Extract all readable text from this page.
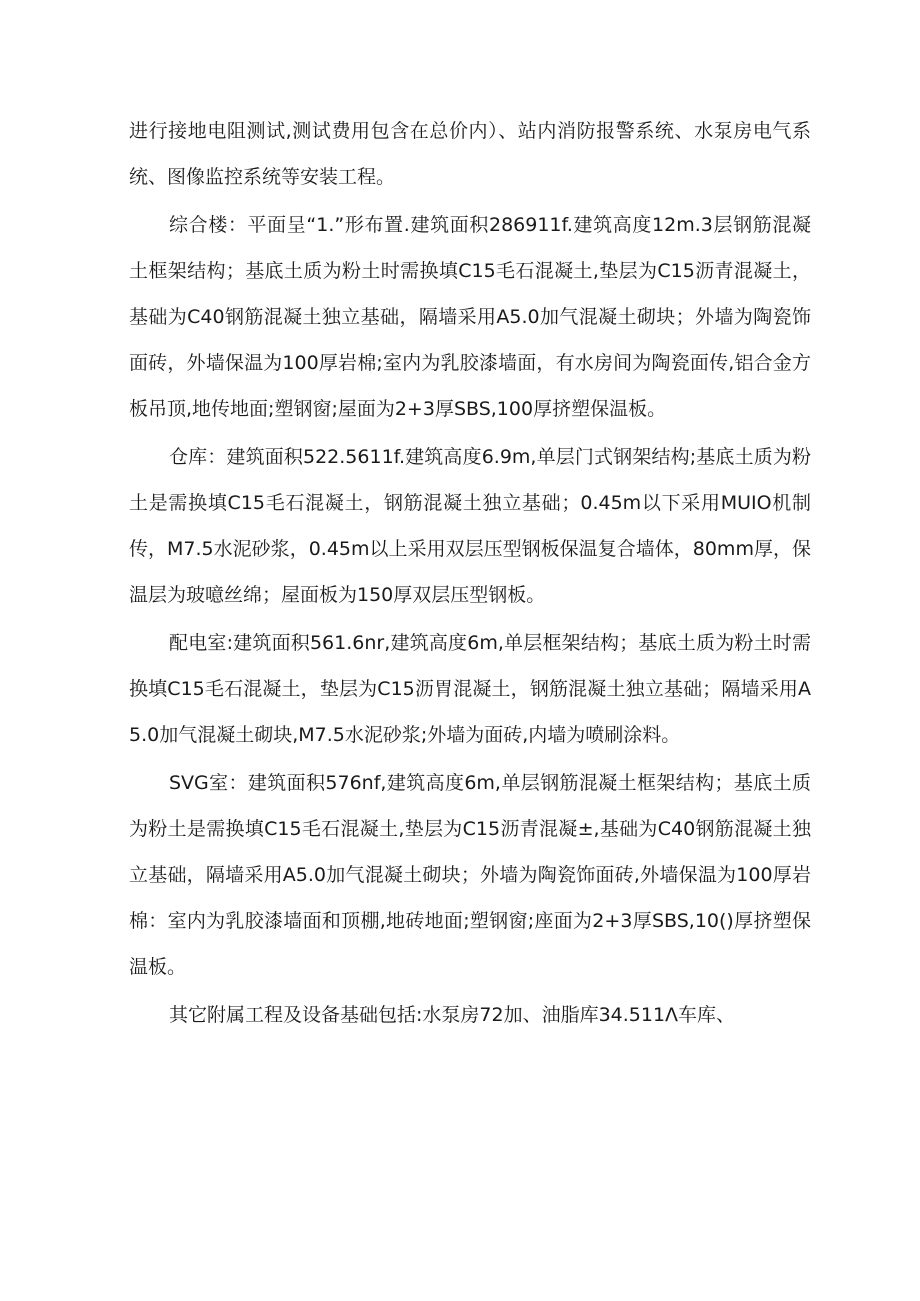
进行接地电阻测试,测试费用包含在总价内）、站内消防报警系统、水泵房电气系统、图像监控系统等安装工程。

综合楼：平面呈“1.”形布置.建筑面积286911f.建筑高度12m.3层钢筋混凝土框架结构；基底土质为粉土时需换填C15毛石混凝土,垫层为C15沥青混凝土，基础为C40钢筋混凝土独立基础，隔墙采用A5.0加气混凝土砌块；外墙为陶瓷饰面砖，外墙保温为100厚岩棉;室内为乳胶漆墙面，有水房间为陶瓷面传,铝合金方板吊顶,地传地面;塑钢窗;屋面为2+3厚SBS,100厚挤塑保温板。

仓库：建筑面积522.5611f.建筑高度6.9m,单层门式钢架结构;基底土质为粉土是需换填C15毛石混凝土，钢筋混凝土独立基础；0.45m以下采用MUIO机制传，M7.5水泥砂浆，0.45m以上采用双层压型钢板保温复合墙体，80mm厚，保温层为玻噫丝绵；屋面板为150厚双层压型钢板。

配电室:建筑面积561.6nr,建筑高度6m,单层框架结构；基底土质为粉土时需换填C15毛石混凝土，垫层为C15沥胃混凝土，钢筋混凝土独立基础；隔墙采用A5.0加气混凝土砌块,M7.5水泥砂浆;外墙为面砖,内墙为喷刷涂料。

SVG室：建筑面积576nf,建筑高度6m,单层钢筋混凝土框架结构；基底土质为粉土是需换填C15毛石混凝土,垫层为C15沥青混凝±,基础为C40钢筋混凝土独立基础，隔墙采用A5.0加气混凝土砌块；外墙为陶瓷饰面砖,外墙保温为100厚岩棉：室内为乳胶漆墙面和顶棚,地砖地面;塑钢窗;座面为2+3厚SBS,10()厚挤塑保温板。

其它附属工程及设备基础包括:水泵房72加、油脂库34.511Λ车库、
